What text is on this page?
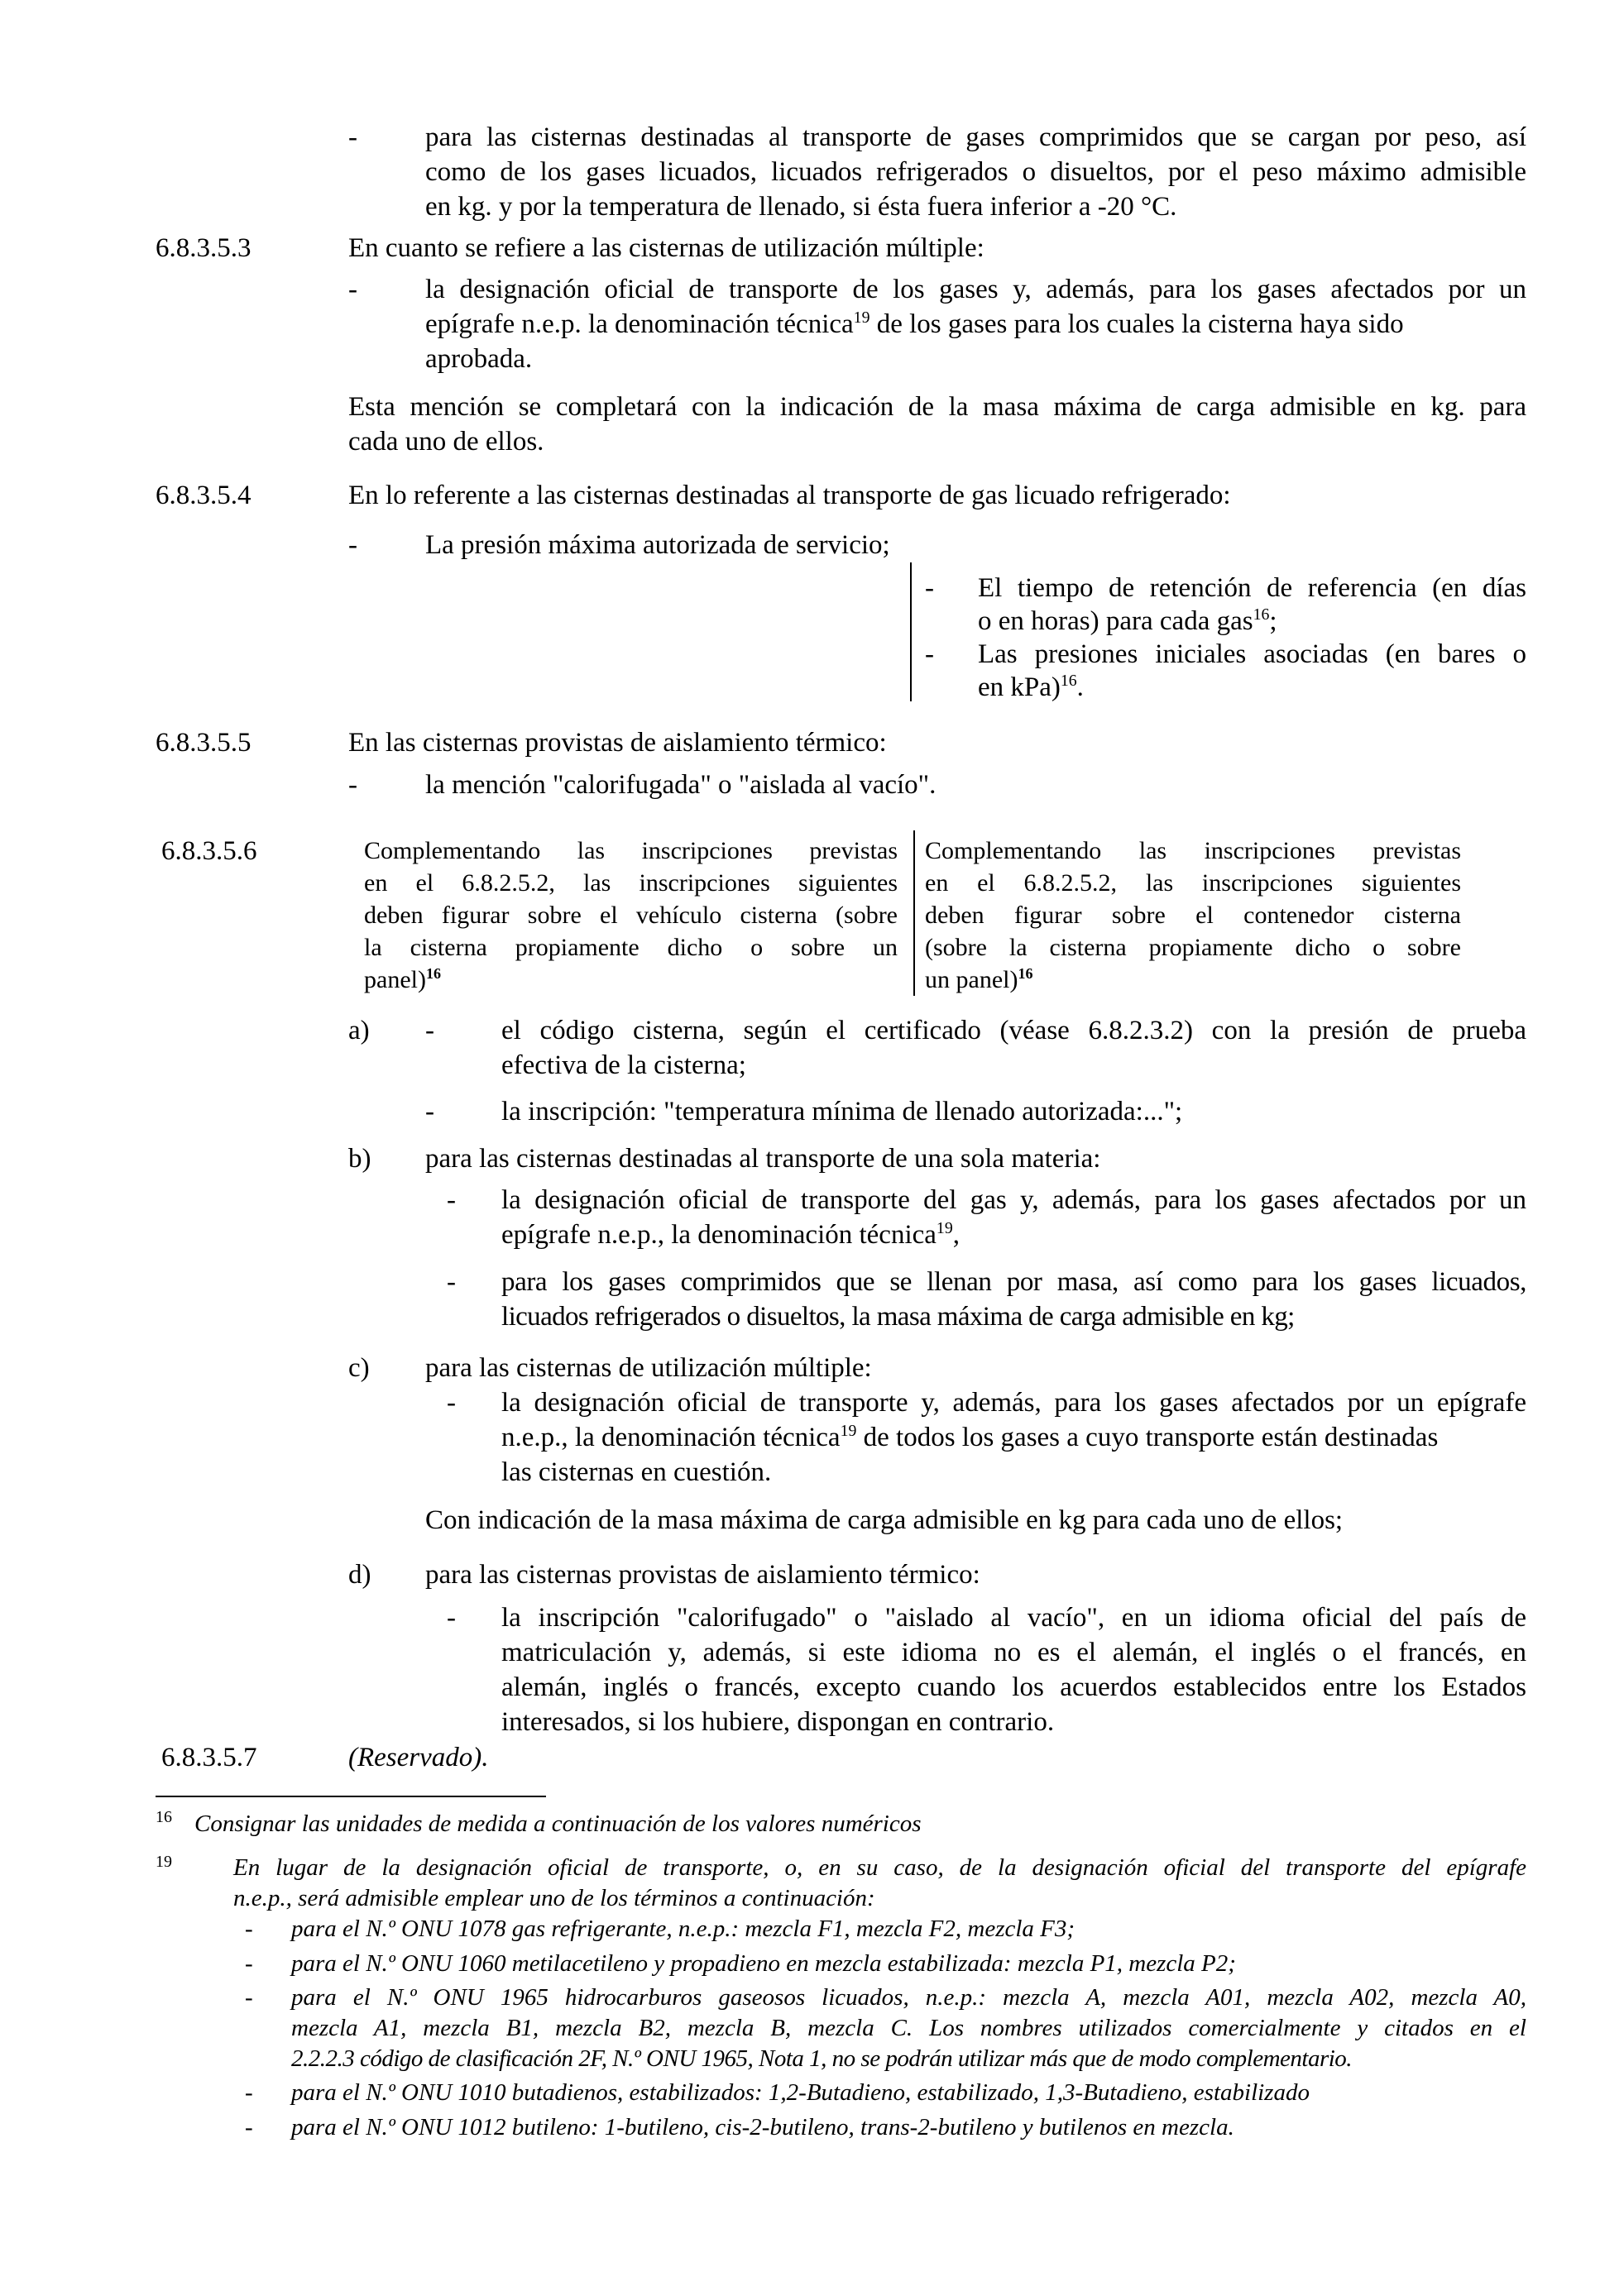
- para las cisternas destinadas al transporte de gases comprimidos que se cargan por peso, así
como de los gases licuados, licuados refrigerados o disueltos, por el peso máximo admisible
en kg. y por la temperatura de llenado, si ésta fuera inferior a -20 °C.
6.8.3.5.3	En cuanto se refiere a las cisternas de utilización múltiple:
- la designación oficial de transporte de los gases y, además, para los gases afectados por un
epígrafe n.e.p. la denominación técnica$^{19}$ de los gases para los cuales la cisterna haya sido
aprobada.
Esta mención se completará con la indicación de la masa máxima de carga admisible en kg. para
cada uno de ellos.
6.8.3.5.4	En lo referente a las cisternas destinadas al transporte de gas licuado refrigerado:
- La presión máxima autorizada de servicio;
- El tiempo de retención de referencia (en días
o en horas) para cada gas$^{16}$;
- Las presiones iniciales asociadas (en bares o
en kPa)$^{16}$.
6.8.3.5.5	En las cisternas provistas de aislamiento térmico:
- la mención "calorifugada" o "aislada al vacío".
6.8.3.5.6	Complementando las inscripciones previstas
en el 6.8.2.5.2, las inscripciones siguientes
deben figurar sobre el vehículo cisterna (sobre
la cisterna propiamente dicho o sobre un
panel)$^{16}$
Complementando las inscripciones previstas
en el 6.8.2.5.2, las inscripciones siguientes
deben figurar sobre el contenedor cisterna
(sobre la cisterna propiamente dicho o sobre
un panel)$^{16}$
a) - el código cisterna, según el certificado (véase 6.8.2.3.2) con la presión de prueba
efectiva de la cisterna;
- la inscripción: "temperatura mínima de llenado autorizada:...";
b) para las cisternas destinadas al transporte de una sola materia:
- la designación oficial de transporte del gas y, además, para los gases afectados por un
epígrafe n.e.p., la denominación técnica$^{19}$,
- para los gases comprimidos que se llenan por masa, así como para los gases licuados,
licuados refrigerados o disueltos, la masa máxima de carga admisible en kg;
c) para las cisternas de utilización múltiple:
- la designación oficial de transporte y, además, para los gases afectados por un epígrafe
n.e.p., la denominación técnica$^{19}$ de todos los gases a cuyo transporte están destinadas
las cisternas en cuestión.
Con indicación de la masa máxima de carga admisible en kg para cada uno de ellos;
d) para las cisternas provistas de aislamiento térmico:
- la inscripción "calorifugado" o "aislado al vacío", en un idioma oficial del país de
matriculación y, además, si este idioma no es el alemán, el inglés o el francés, en
alemán, inglés o francés, excepto cuando los acuerdos establecidos entre los Estados
interesados, si los hubiere, dispongan en contrario.
6.8.3.5.7	(Reservado).
16 Consignar las unidades de medida a continuación de los valores numéricos
19	En lugar de la designación oficial de transporte, o, en su caso, de la designación oficial del transporte del epígrafe
n.e.p., será admisible emplear uno de los términos a continuación:
- para el N.º ONU 1078 gas refrigerante, n.e.p.: mezcla F1, mezcla F2, mezcla F3;
- para el N.º ONU 1060 metilacetileno y propadieno en mezcla estabilizada: mezcla P1, mezcla P2;
- para el N.º ONU 1965 hidrocarburos gaseosos licuados, n.e.p.: mezcla A, mezcla A01, mezcla A02, mezcla A0,
mezcla A1, mezcla B1, mezcla B2, mezcla B, mezcla C. Los nombres utilizados comercialmente y citados en el
2.2.2.3 código de clasificación 2F, N.º ONU 1965, Nota 1, no se podrán utilizar más que de modo complementario.
- para el N.º ONU 1010 butadienos, estabilizados: 1,2-Butadieno, estabilizado, 1,3-Butadieno, estabilizado
- para el N.º ONU 1012 butileno: 1-butileno, cis-2-butileno, trans-2-butileno y butilenos en mezcla.
